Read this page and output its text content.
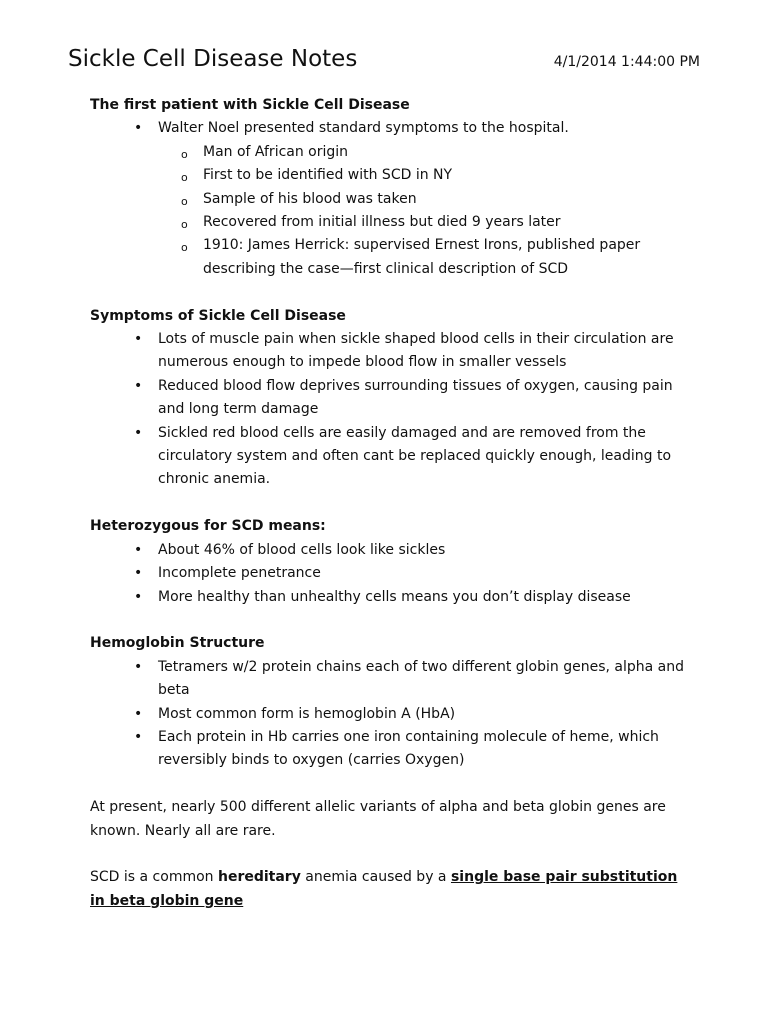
Sickle Cell Disease Notes	4/1/2014 1:44:00 PM
The first patient with Sickle Cell Disease
• Walter Noel presented standard symptoms to the hospital.
o Man of African origin
o First to be identified with SCD in NY
o Sample of his blood was taken
o Recovered from initial illness but died 9 years later
o 1910: James Herrick: supervised Ernest Irons, published paper describing the case—first clinical description of SCD
Symptoms of Sickle Cell Disease
• Lots of muscle pain when sickle shaped blood cells in their circulation are numerous enough to impede blood flow in smaller vessels
• Reduced blood flow deprives surrounding tissues of oxygen, causing pain and long term damage
• Sickled red blood cells are easily damaged and are removed from the circulatory system and often cant be replaced quickly enough, leading to chronic anemia.
Heterozygous for SCD means:
• About 46% of blood cells look like sickles
• Incomplete penetrance
• More healthy than unhealthy cells means you don’t display disease
Hemoglobin Structure
• Tetramers w/2 protein chains each of two different globin genes, alpha and beta
• Most common form is hemoglobin A (HbA)
• Each protein in Hb carries one iron containing molecule of heme, which reversibly binds to oxygen (carries Oxygen)

At present, nearly 500 different allelic variants of alpha and beta globin genes are known. Nearly all are rare.

SCD is a common hereditary anemia caused by a single base pair substitution in beta globin gene
